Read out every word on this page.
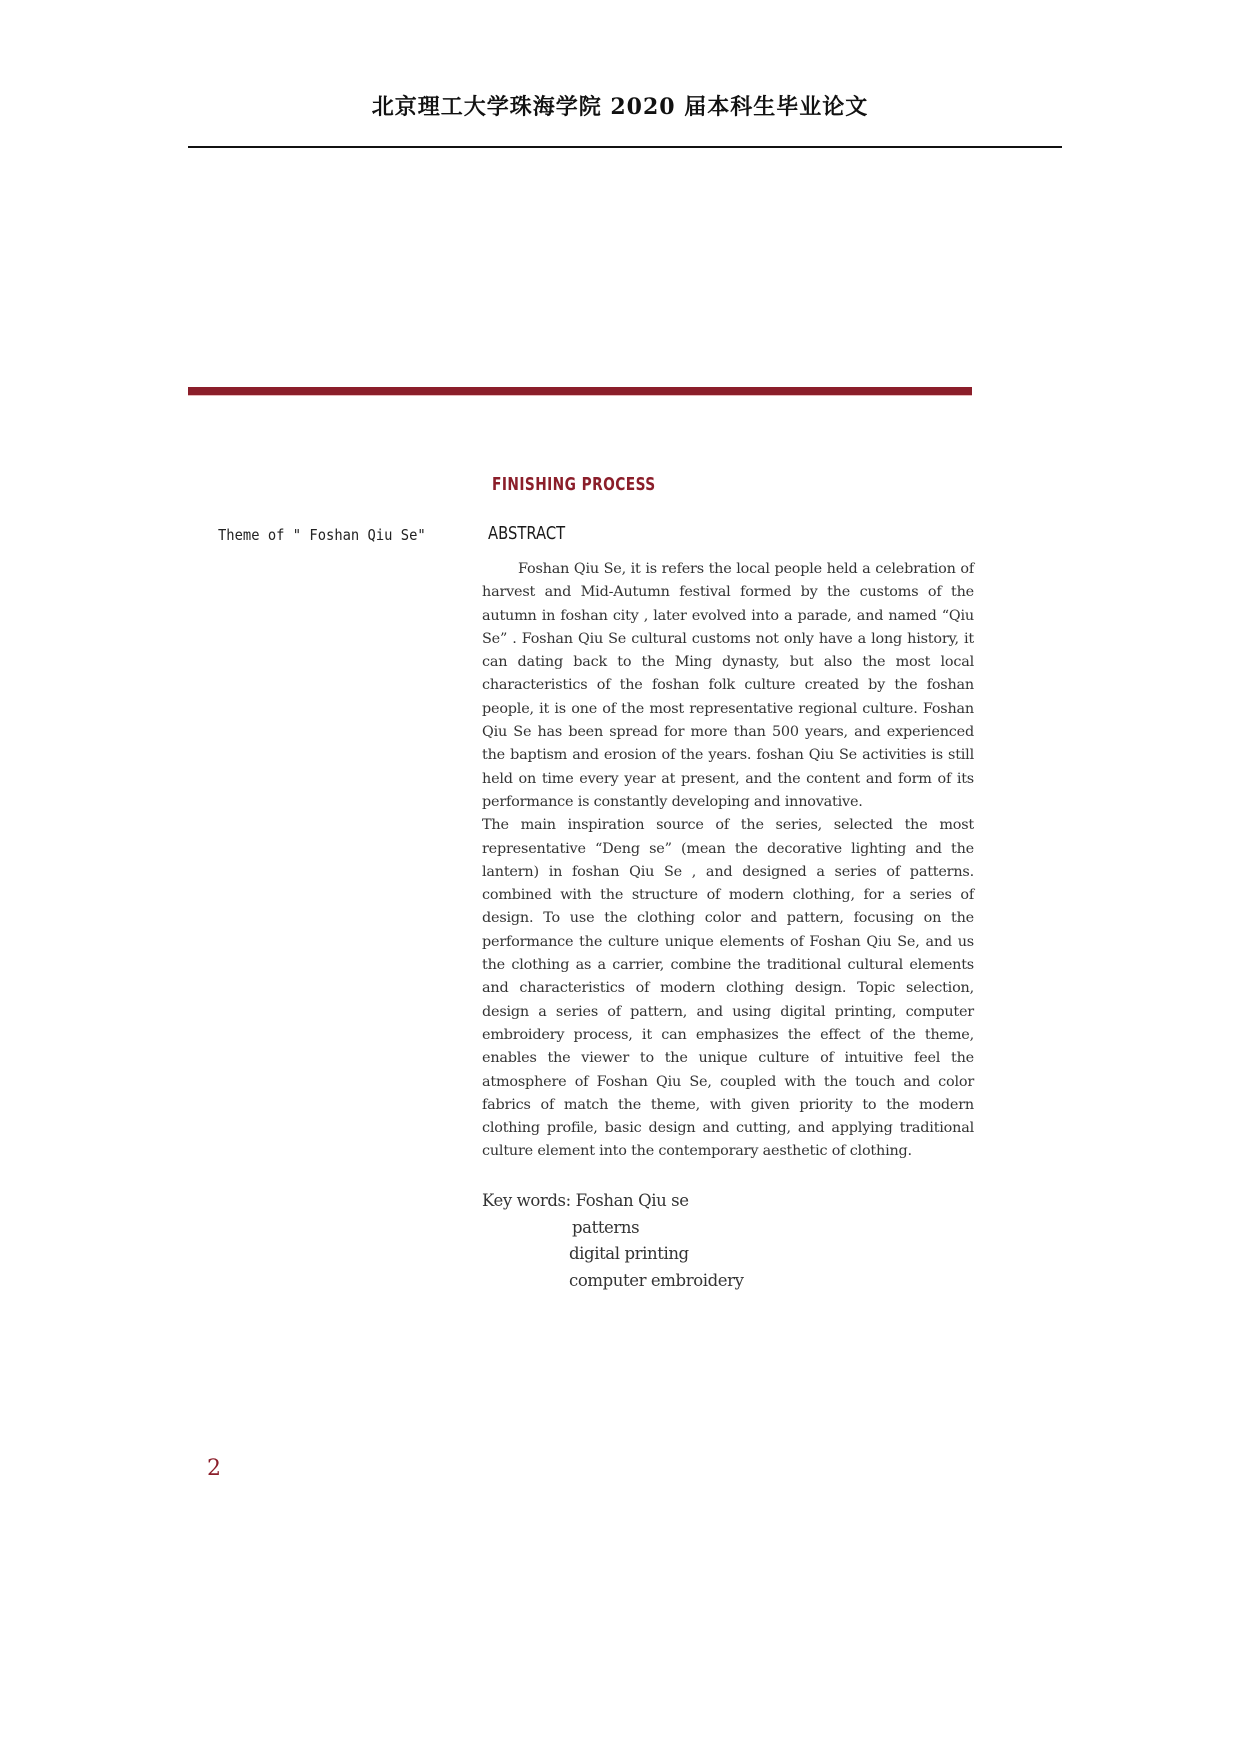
北京理工大学珠海学院 2020 届本科生毕业论文
FINISHING PROCESS
Theme of " Foshan Qiu Se"	ABSTRACT

Foshan Qiu Se, it is refers the local people held a celebration of harvest and Mid-Autumn festival formed by the customs of the autumn in foshan city , later evolved into a parade, and named “Qiu Se” . Foshan Qiu Se cultural customs not only have a long history, it can dating back to the Ming dynasty, but also the most local characteristics of the foshan folk culture created by the foshan people, it is one of the most representative regional culture. Foshan Qiu Se has been spread for more than 500 years, and experienced the baptism and erosion of the years. foshan Qiu Se activities is still held on time every year at present, and the content and form of its performance is constantly developing and innovative.

The main inspiration source of the series, selected the most representative “Deng se” (mean the decorative lighting and the lantern) in foshan Qiu Se , and designed a series of patterns. combined with the structure of modern clothing, for a series of design. To use the clothing color and pattern, focusing on the performance the culture unique elements of Foshan Qiu Se, and us the clothing as a carrier, combine the traditional cultural elements and characteristics of modern clothing design. Topic selection, design a series of pattern, and using digital printing, computer embroidery process, it can emphasizes the effect of the theme, enables the viewer to the unique culture of intuitive feel the atmosphere of Foshan Qiu Se, coupled with the touch and color fabrics of match the theme, with given priority to the modern clothing profile, basic design and cutting, and applying traditional culture element into the contemporary aesthetic of clothing.

Key words: Foshan Qiu se
patterns
digital printing
computer embroidery
2
